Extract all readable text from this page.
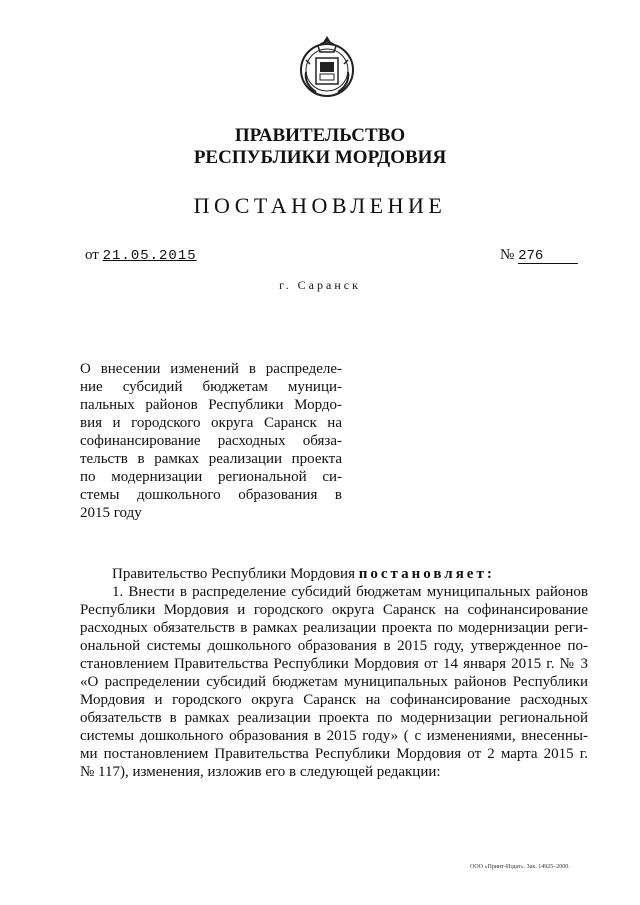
ПРАВИТЕЛЬСТВО
РЕСПУБЛИКИ МОРДОВИЯ
ПОСТАНОВЛЕНИЕ
от 21.05.2015	№ 276
г. Саранск
О внесении изменений в распределе-
ние субсидий бюджетам муници-
пальных районов Республики Мордо-
вия и городского округа Саранск на
софинансирование расходных обяза-
тельств в рамках реализации проекта
по модернизации региональной си-
стемы дошкольного образования в
2015 году
Правительство Республики Мордовия постановляет:
1. Внести в распределение субсидий бюджетам муниципальных районов
Республики Мордовия и городского округа Саранск на софинансирование
расходных обязательств в рамках реализации проекта по модернизации реги-
ональной системы дошкольного образования в 2015 году, утвержденное по-
становлением Правительства Республики Мордовия от 14 января 2015 г. № 3
«О распределении субсидий бюджетам муниципальных районов Республики
Мордовия и городского округа Саранск на софинансирование расходных
обязательств в рамках реализации проекта по модернизации региональной
системы дошкольного образования в 2015 году» ( с изменениями, внесенны-
ми постановлением Правительства Республики Мордовия от 2 марта 2015 г.
№ 117), изменения, изложив его в следующей редакции:
ООО «Принт-Издат». Зак. 14925–2000.
